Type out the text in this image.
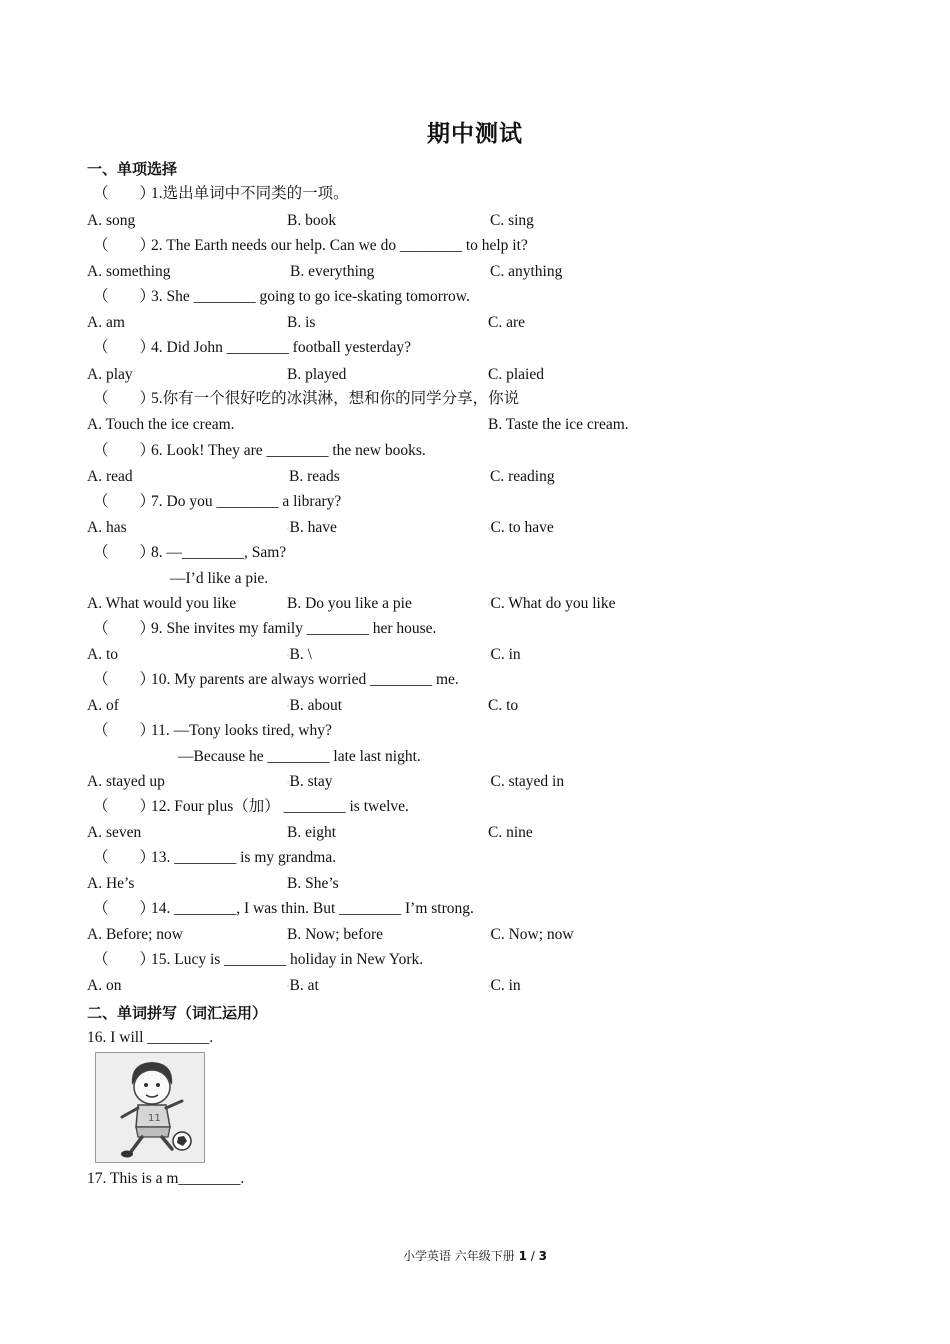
期中测试
一、单项选择
（　　）1.选出单词中不同类的一项。
A. song	B. book	C. sing
（　　）2. The Earth needs our help. Can we do ________ to help it?
A. something	B. everything	C. anything
（　　）3. She ________ going to go ice-skating tomorrow.
A. am	B. is	C. are
（　　）4. Did John ________ football yesterday?
A. play	B. played	C. plaied
（　　）5.你有一个很好吃的冰淇淋，想和你的同学分享，你说
A. Touch the ice cream.	B. Taste the ice cream.
（　　）6. Look! They are ________ the new books.
A. read	B. reads	C. reading
（　　）7. Do you ________ a library?
A. has	◦B. have	◦C. to have
（　　）8. —________, Sam?
—I’d like a pie.
A. What would you like	B. Do you like a pie	◦C. What do you like
（　　）9. She invites my family ________ her house.
A. to	◦B. \	◦C. in
（　　）10. My parents are always worried ________ me.
A. of	◦B. about	C. to
（　　）11. —Tony looks tired, why?
—Because he ________ late last night.
A. stayed up	◦B. stay	◦C. stayed in
（　　）12. Four plus（加） ________ is twelve.
A. seven	B. eight	C. nine
（　　）13. ________ is my grandma.
A. He’s	B. She’s
（　　）14. ________, I was thin. But ________ I’m strong.
A. Before; now	B. Now; before	◦C. Now; now
（　　）15. Lucy is ________ holiday in New York.
A. on	◦B. at	◦C. in
二、单词拼写（词汇运用）
16. I will ________.
11
17. This is a m________.
小学英语 六年级下册 1 / 3
